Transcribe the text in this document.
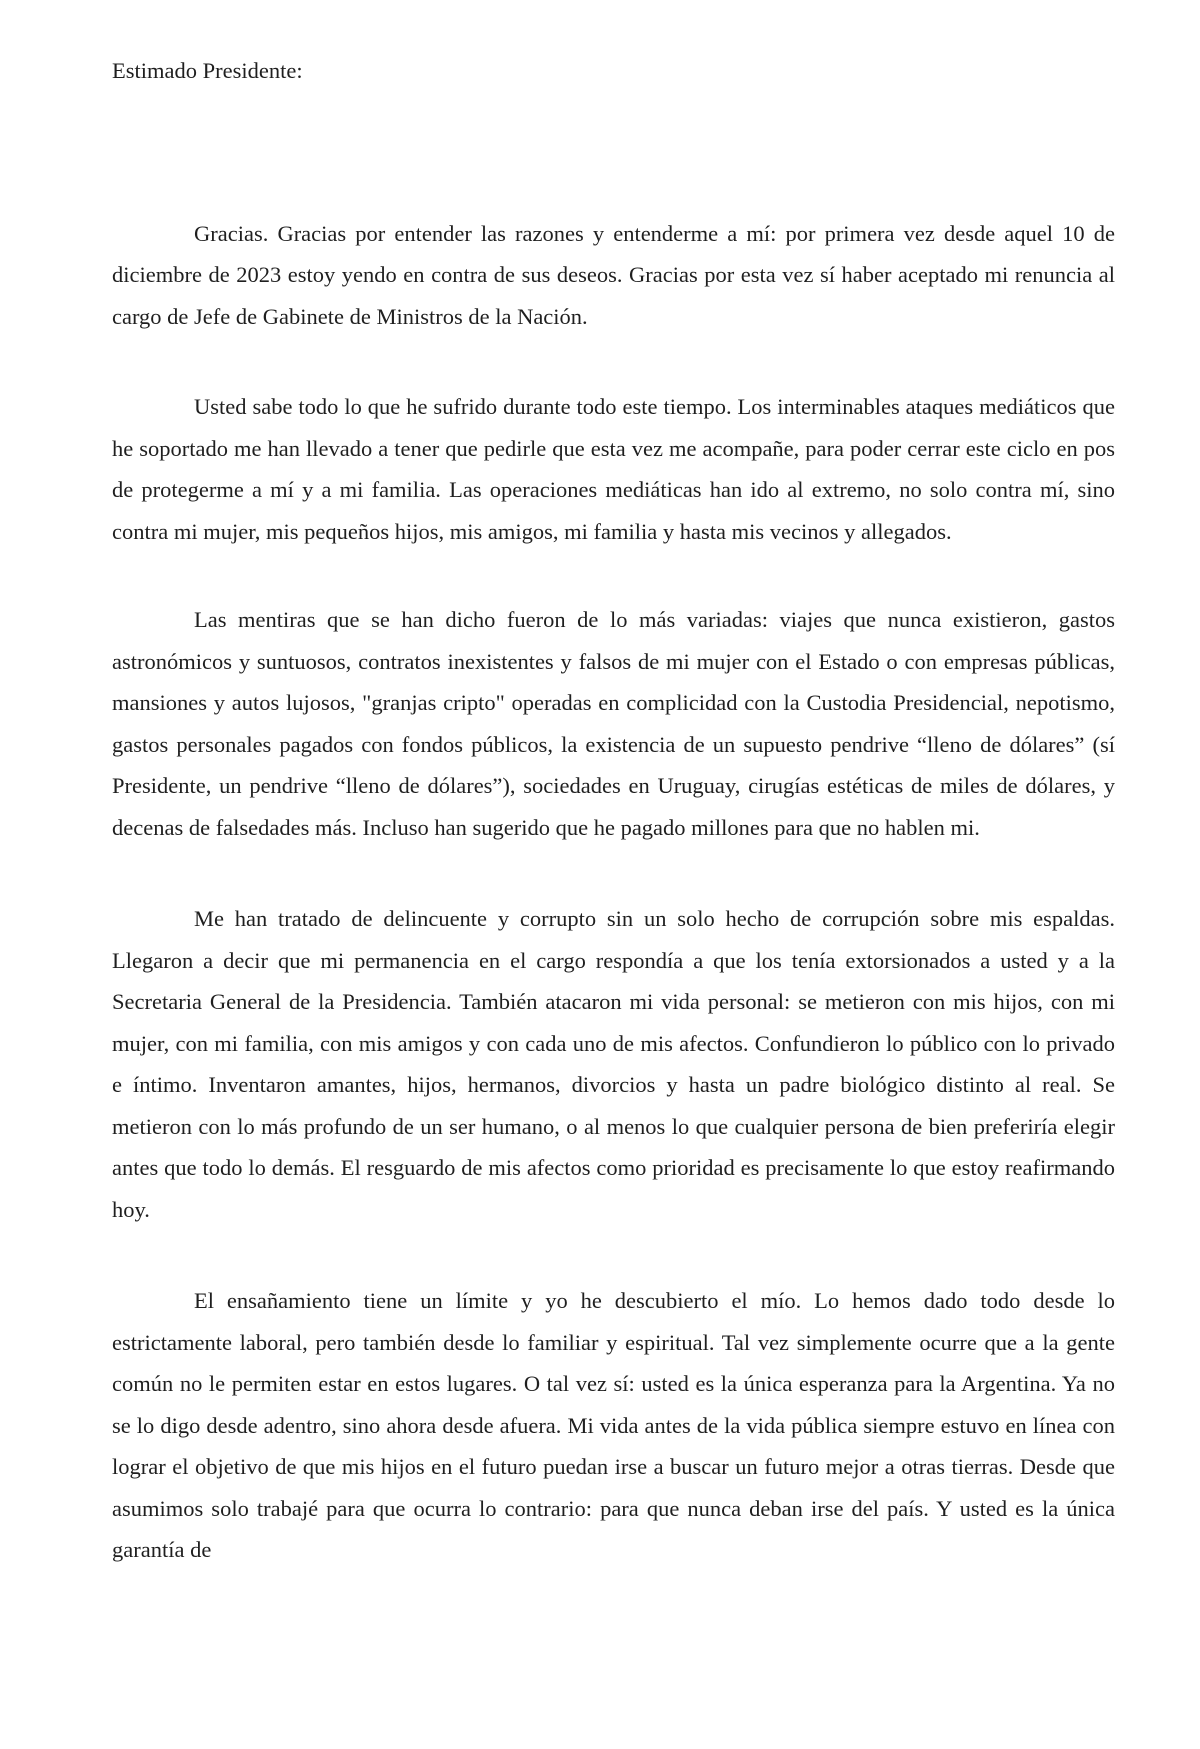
Estimado Presidente:

Gracias. Gracias por entender las razones y entenderme a mí: por primera vez desde aquel 10 de diciembre de 2023 estoy yendo en contra de sus deseos. Gracias por esta vez sí haber aceptado mi renuncia al cargo de Jefe de Gabinete de Ministros de la Nación.

Usted sabe todo lo que he sufrido durante todo este tiempo. Los interminables ataques mediáticos que he soportado me han llevado a tener que pedirle que esta vez me acompañe, para poder cerrar este ciclo en pos de protegerme a mí y a mi familia. Las operaciones mediáticas han ido al extremo, no solo contra mí, sino contra mi mujer, mis pequeños hijos, mis amigos, mi familia y hasta mis vecinos y allegados.

Las mentiras que se han dicho fueron de lo más variadas: viajes que nunca existieron, gastos astronómicos y suntuosos, contratos inexistentes y falsos de mi mujer con el Estado o con empresas públicas, mansiones y autos lujosos, "granjas cripto" operadas en complicidad con la Custodia Presidencial, nepotismo, gastos personales pagados con fondos públicos, la existencia de un supuesto pendrive “lleno de dólares” (sí Presidente, un pendrive “lleno de dólares”), sociedades en Uruguay, cirugías estéticas de miles de dólares, y decenas de falsedades más. Incluso han sugerido que he pagado millones para que no hablen mi.

Me han tratado de delincuente y corrupto sin un solo hecho de corrupción sobre mis espaldas. Llegaron a decir que mi permanencia en el cargo respondía a que los tenía extorsionados a usted y a la Secretaria General de la Presidencia. También atacaron mi vida personal: se metieron con mis hijos, con mi mujer, con mi familia, con mis amigos y con cada uno de mis afectos. Confundieron lo público con lo privado e íntimo. Inventaron amantes, hijos, hermanos, divorcios y hasta un padre biológico distinto al real. Se metieron con lo más profundo de un ser humano, o al menos lo que cualquier persona de bien preferiría elegir antes que todo lo demás. El resguardo de mis afectos como prioridad es precisamente lo que estoy reafirmando hoy.

El ensañamiento tiene un límite y yo he descubierto el mío. Lo hemos dado todo desde lo estrictamente laboral, pero también desde lo familiar y espiritual. Tal vez simplemente ocurre que a la gente común no le permiten estar en estos lugares. O tal vez sí: usted es la única esperanza para la Argentina. Ya no se lo digo desde adentro, sino ahora desde afuera. Mi vida antes de la vida pública siempre estuvo en línea con lograr el objetivo de que mis hijos en el futuro puedan irse a buscar un futuro mejor a otras tierras. Desde que asumimos solo trabajé para que ocurra lo contrario: para que nunca deban irse del país. Y usted es la única garantía de
